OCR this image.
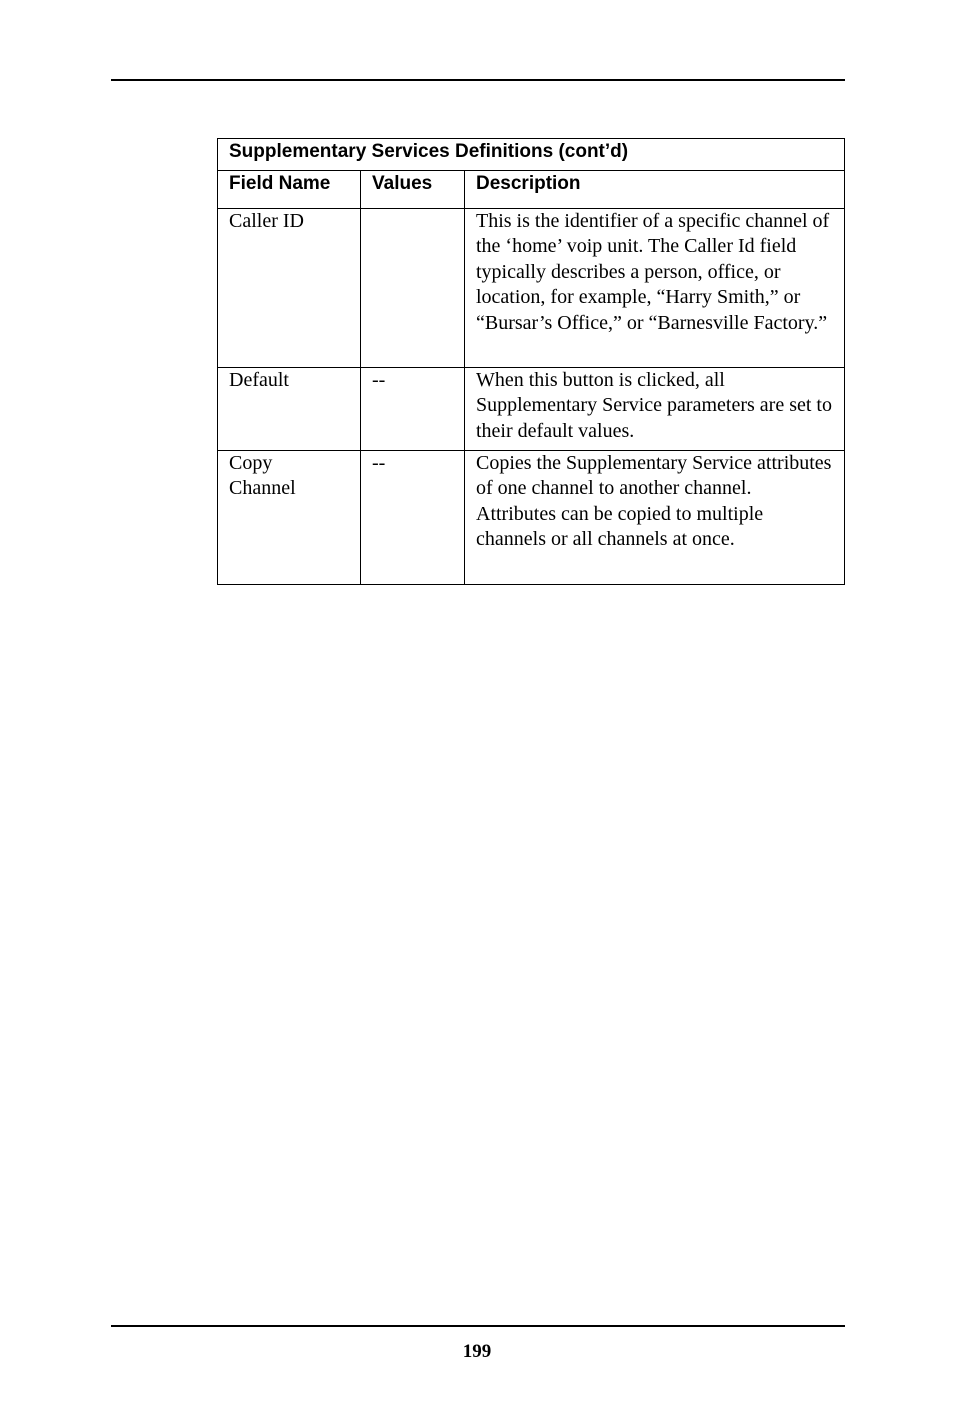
Supplementary Services Definitions (cont’d)		
Field Name	Values	Description
Caller ID		This is the identifier of a specific channel of the ‘home’ voip unit. The Caller Id field typically describes a person, office, or location, for example, “Harry Smith,” or “Bursar’s Office,” or “Barnesville Factory.”
Default	--	When this button is clicked, all Supplementary Service parameters are set to their default values.
Copy Channel	--	Copies the Supplementary Service attributes of one channel to another channel. Attributes can be copied to multiple channels or all channels at once.
199
